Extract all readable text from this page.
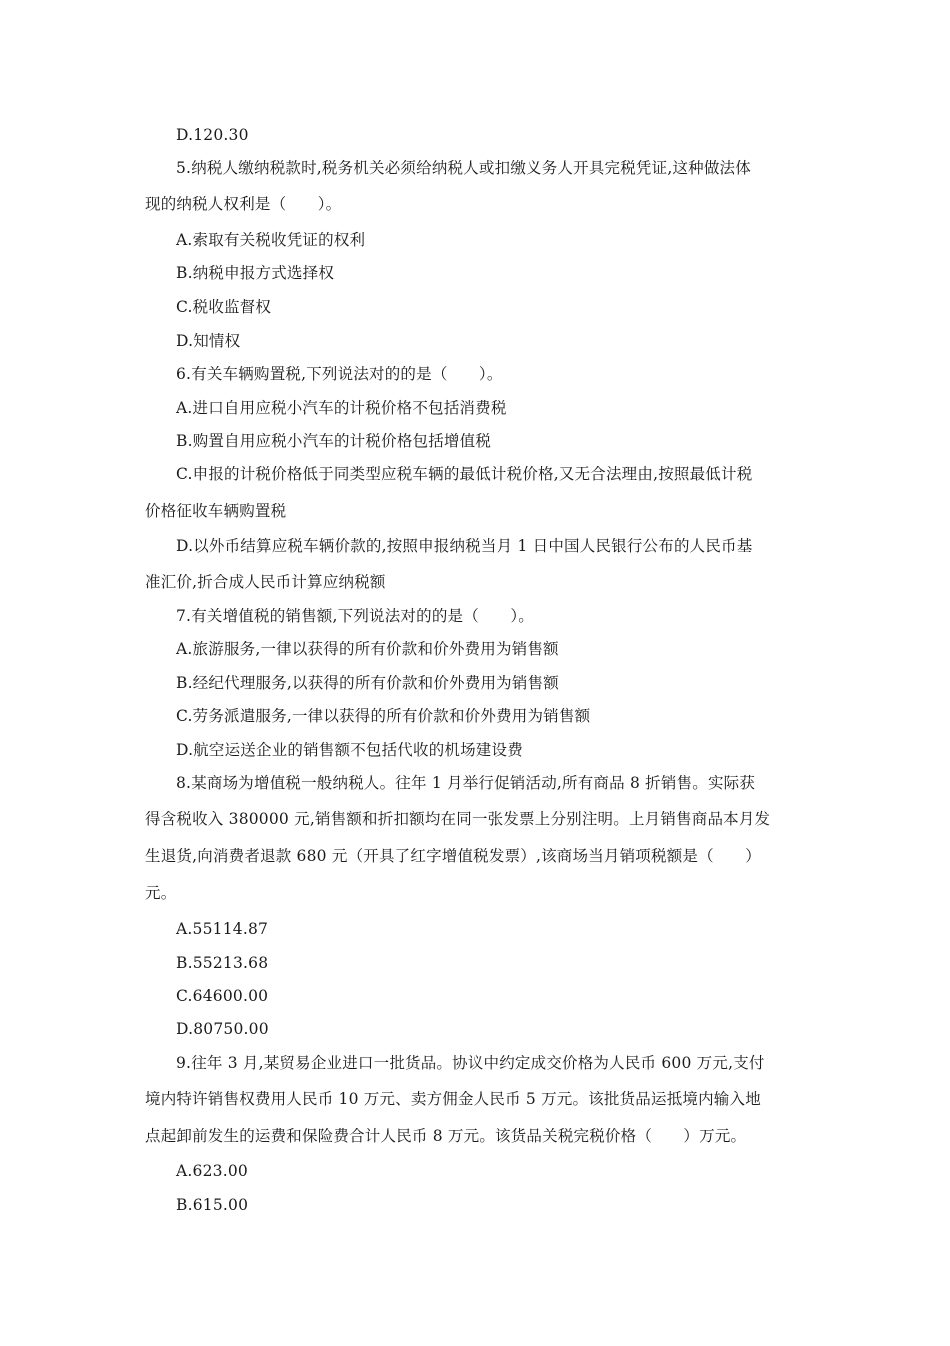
D.120.30
5.纳税人缴纳税款时,税务机关必须给纳税人或扣缴义务人开具完税凭证,这种做法体
现的纳税人权利是（　　）。
A.索取有关税收凭证的权利
B.纳税申报方式选择权
C.税收监督权
D.知情权
6.有关车辆购置税,下列说法对的的是（　　）。
A.进口自用应税小汽车的计税价格不包括消费税
B.购置自用应税小汽车的计税价格包括增值税
C.申报的计税价格低于同类型应税车辆的最低计税价格,又无合法理由,按照最低计税
价格征收车辆购置税
D.以外币结算应税车辆价款的,按照申报纳税当月 1 日中国人民银行公布的人民币基
准汇价,折合成人民币计算应纳税额
7.有关增值税的销售额,下列说法对的的是（　　）。
A.旅游服务,一律以获得的所有价款和价外费用为销售额
B.经纪代理服务,以获得的所有价款和价外费用为销售额
C.劳务派遣服务,一律以获得的所有价款和价外费用为销售额
D.航空运送企业的销售额不包括代收的机场建设费
8.某商场为增值税一般纳税人。往年 1 月举行促销活动,所有商品 8 折销售。实际获
得含税收入 380000 元,销售额和折扣额均在同一张发票上分别注明。上月销售商品本月发
生退货,向消费者退款 680 元（开具了红字增值税发票）,该商场当月销项税额是（　　）
元。
A.55114.87
B.55213.68
C.64600.00
D.80750.00
9.往年 3 月,某贸易企业进口一批货品。协议中约定成交价格为人民币 600 万元,支付
境内特许销售权费用人民币 10 万元、卖方佣金人民币 5 万元。该批货品运抵境内输入地
点起卸前发生的运费和保险费合计人民币 8 万元。该货品关税完税价格（　　）万元。
A.623.00
B.615.00
